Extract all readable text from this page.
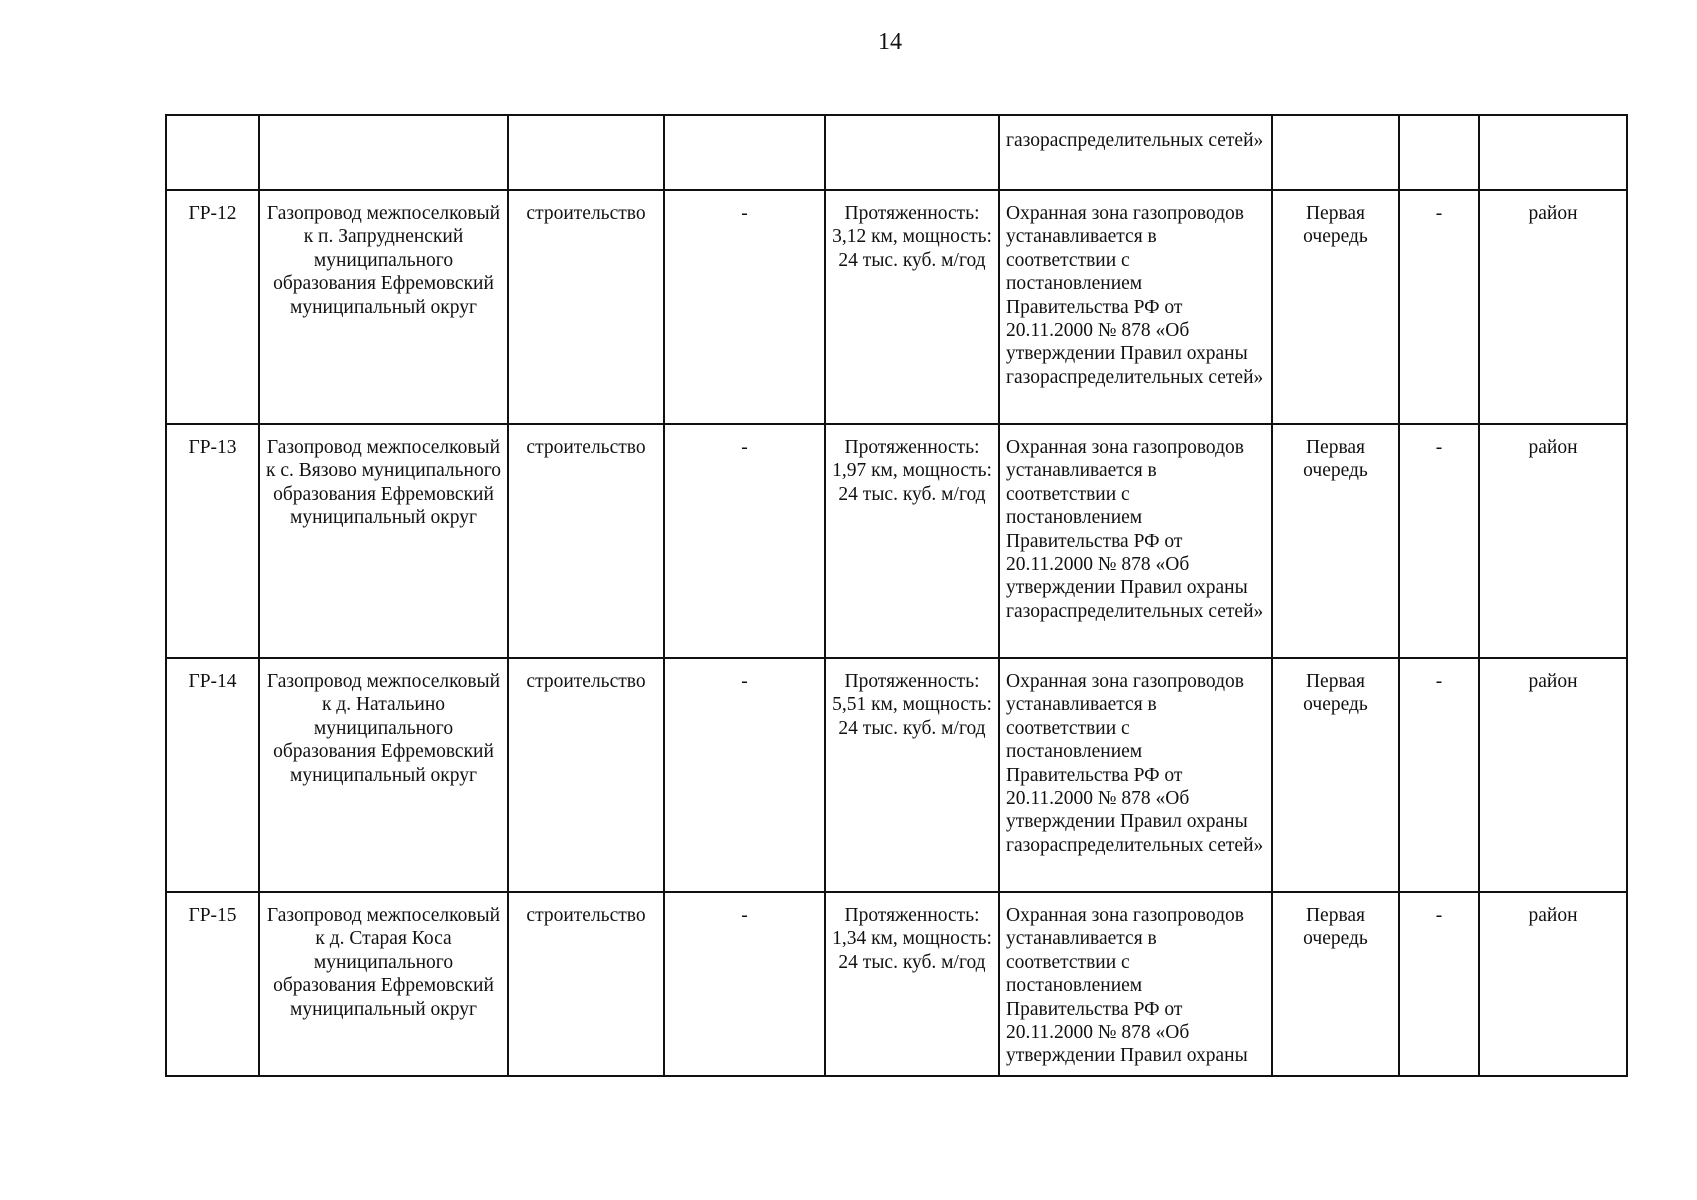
14
					газораспределительных сетей»			
ГР-12	Газопровод межпоселковый к п. Запрудненский муниципального образования Ефремовский муниципальный округ	строительство	-	Протяженность: 3,12 км, мощность: 24 тыс. куб. м/год	Охранная зона газопроводов устанавливается в соответствии с постановлением Правительства РФ от 20.11.2000 № 878 «Об утверждении Правил охраны газораспределительных сетей»	Первая очередь	-	район
ГР-13	Газопровод межпоселковый к с. Вязово муниципального образования Ефремовский муниципальный округ	строительство	-	Протяженность: 1,97 км, мощность: 24 тыс. куб. м/год	Охранная зона газопроводов устанавливается в соответствии с постановлением Правительства РФ от 20.11.2000 № 878 «Об утверждении Правил охраны газораспределительных сетей»	Первая очередь	-	район
ГР-14	Газопровод межпоселковый к д. Натальино муниципального образования Ефремовский муниципальный округ	строительство	-	Протяженность: 5,51 км, мощность: 24 тыс. куб. м/год	Охранная зона газопроводов устанавливается в соответствии с постановлением Правительства РФ от 20.11.2000 № 878 «Об утверждении Правил охраны газораспределительных сетей»	Первая очередь	-	район
ГР-15	Газопровод межпоселковый к д. Старая Коса муниципального образования Ефремовский муниципальный округ	строительство	-	Протяженность: 1,34 км, мощность: 24 тыс. куб. м/год	Охранная зона газопроводов устанавливается в соответствии с постановлением Правительства РФ от 20.11.2000 № 878 «Об утверждении Правил охраны	Первая очередь	-	район
